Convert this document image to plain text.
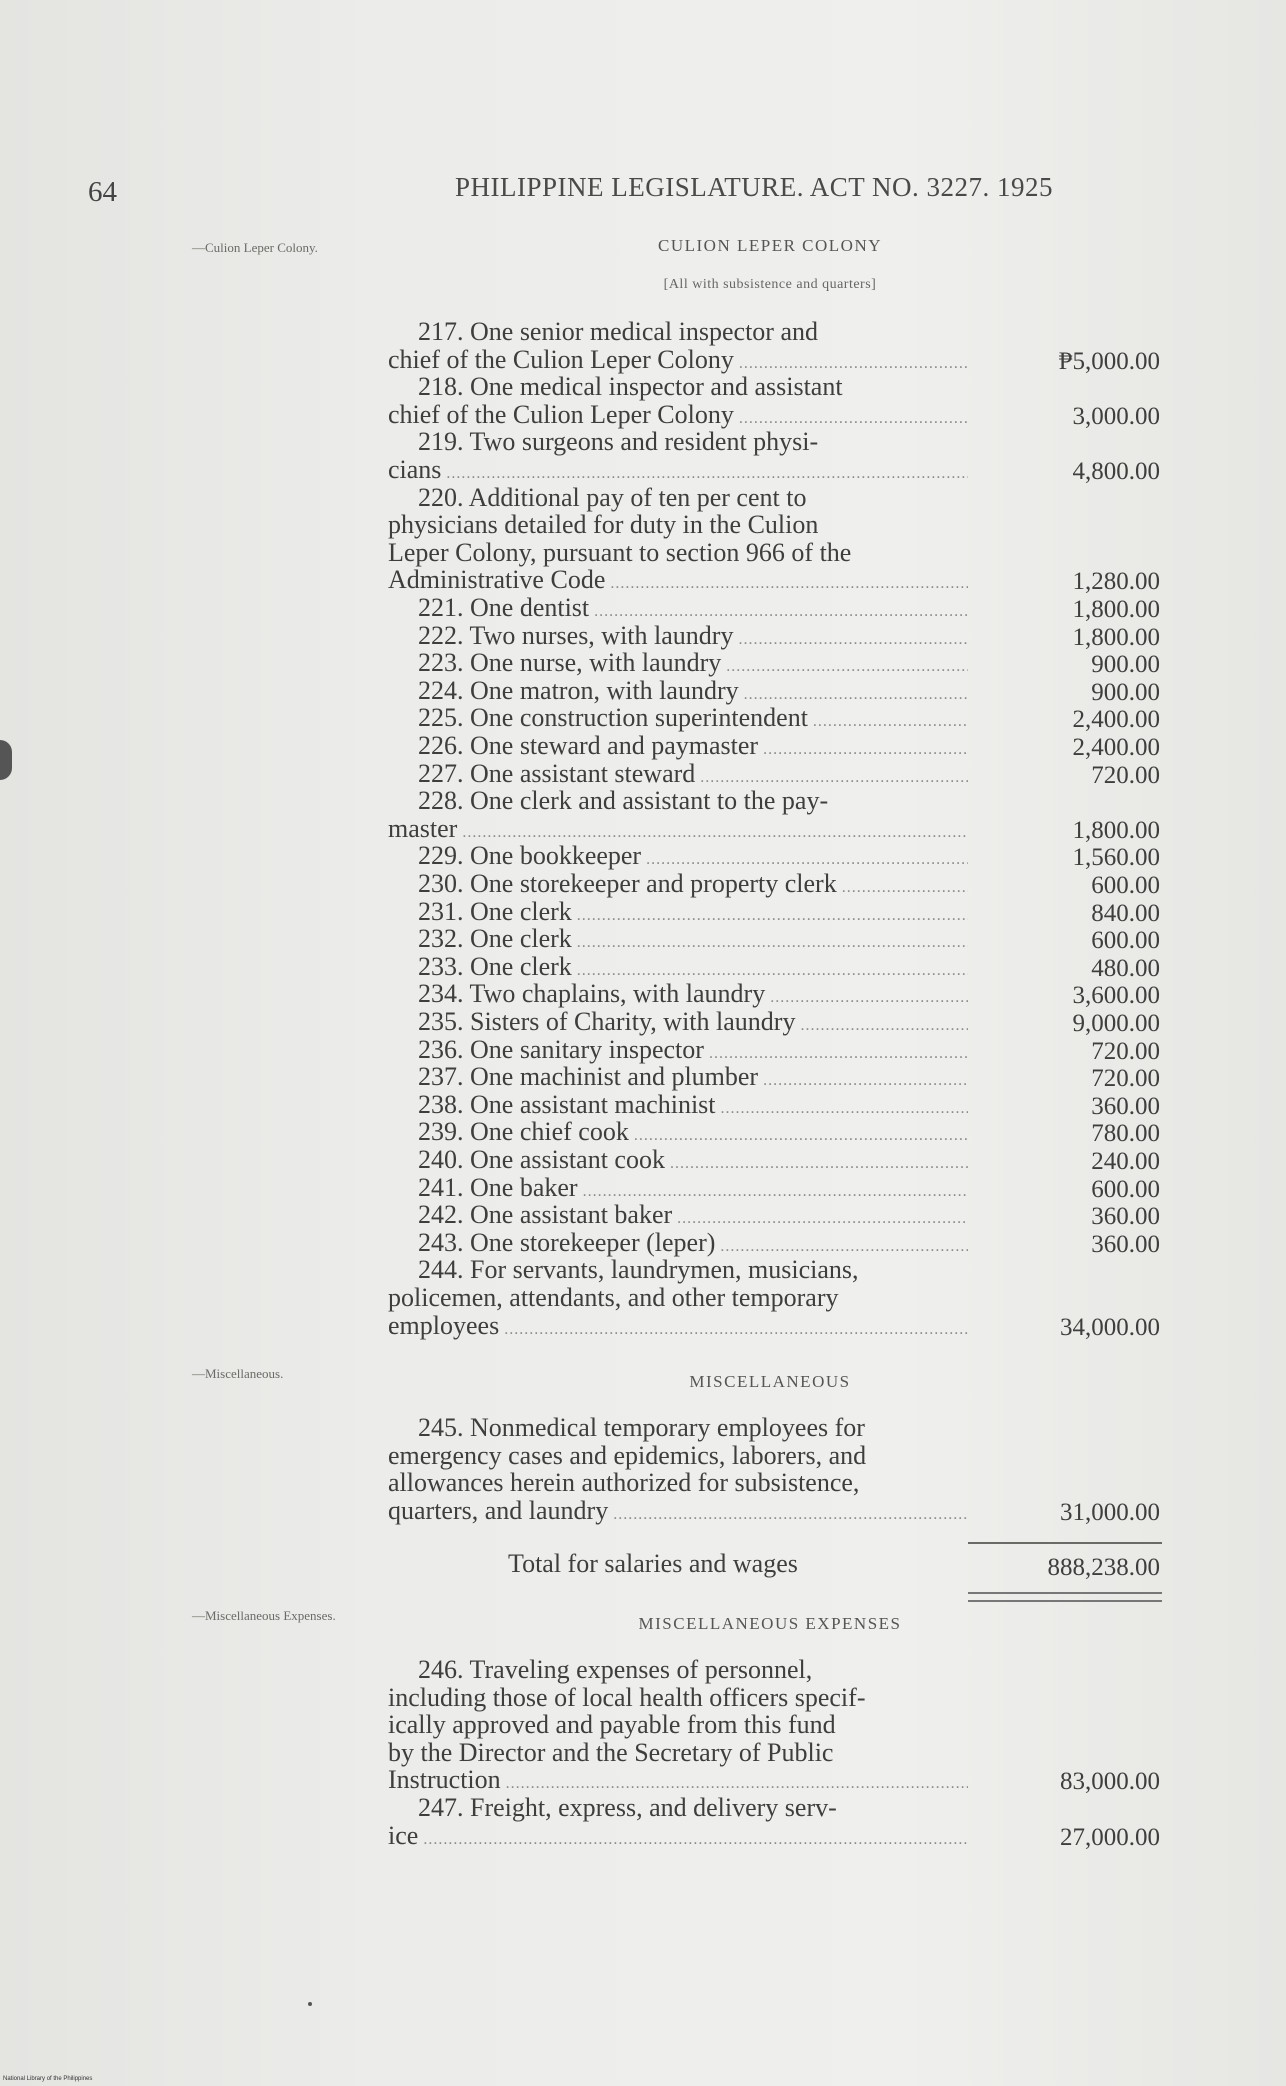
64	PHILIPPINE LEGISLATURE. ACT NO. 3227. 1925
—Culion Leper Colony.	CULION LEPER COLONY
[All with subsistence and quarters]
217. One senior medical inspector and
chief of the Culion Leper Colony .....	₱5,000.00
218. One medical inspector and assistant
chief of the Culion Leper Colony .....	3,000.00
219. Two surgeons and resident physi-
cians .....	4,800.00
220. Additional pay of ten per cent to
physicians detailed for duty in the Culion
Leper Colony, pursuant to section 966 of the
Administrative Code .....	1,280.00
221. One dentist .....	1,800.00
222. Two nurses, with laundry .....	1,800.00
223. One nurse, with laundry .....	900.00
224. One matron, with laundry .....	900.00
225. One construction superintendent .....	2,400.00
226. One steward and paymaster .....	2,400.00
227. One assistant steward .....	720.00
228. One clerk and assistant to the pay-
master .....	1,800.00
229. One bookkeeper .....	1,560.00
230. One storekeeper and property clerk .....	600.00
231. One clerk .....	840.00
232. One clerk .....	600.00
233. One clerk .....	480.00
234. Two chaplains, with laundry .....	3,600.00
235. Sisters of Charity, with laundry .....	9,000.00
236. One sanitary inspector .....	720.00
237. One machinist and plumber .....	720.00
238. One assistant machinist .....	360.00
239. One chief cook .....	780.00
240. One assistant cook .....	240.00
241. One baker .....	600.00
242. One assistant baker .....	360.00
243. One storekeeper (leper) .....	360.00
244. For servants, laundrymen, musicians,
policemen, attendants, and other temporary
employees .....	34,000.00
—Miscellaneous.	MISCELLANEOUS
245. Nonmedical temporary employees for
emergency cases and epidemics, laborers, and
allowances herein authorized for subsistence,
quarters, and laundry .....	31,000.00
Total for salaries and wages	888,238.00
—Miscellaneous Expenses.	MISCELLANEOUS EXPENSES
246. Traveling expenses of personnel,
including those of local health officers specif-
ically approved and payable from this fund
by the Director and the Secretary of Public
Instruction .....	83,000.00
247. Freight, express, and delivery serv-
ice .....	27,000.00
National Library of the Philippines
